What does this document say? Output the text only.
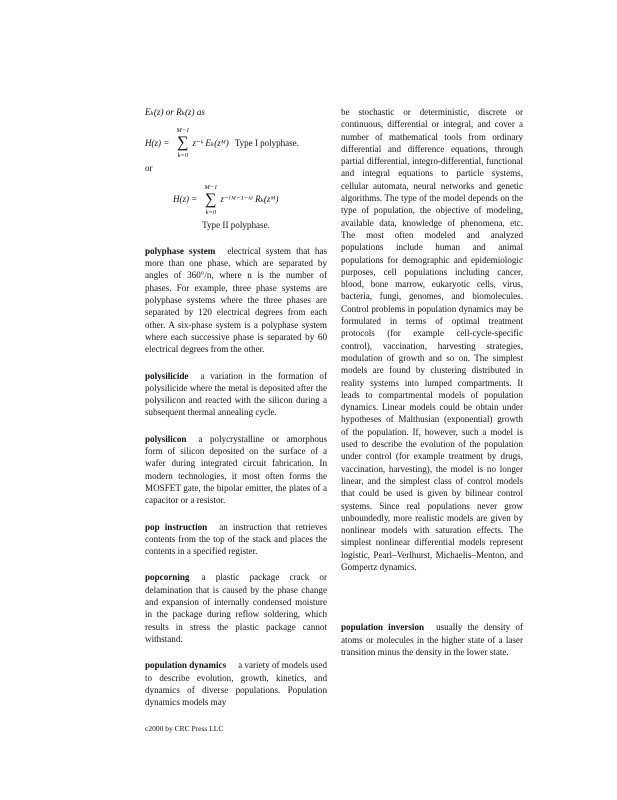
Eₖ(z) or Rₖ(z) as

H(z) =
M−1
∑
k=0
z⁻ᵏ Eₖ(zᴹ) Type I polyphase.

or

H(z) =
M−1
∑
k=0
z⁻⁽ᴹ⁻¹⁻ᵏ⁾ Rₖ(zᴹ)

Type II polyphase.

polyphase system electrical system that has more than one phase, which are separated by angles of 360°/n, where n is the number of phases. For example, three phase systems are polyphase systems where the three phases are separated by 120 electrical degrees from each other. A six-phase system is a polyphase system where each successive phase is separated by 60 electrical degrees from the other.

polysilicide a variation in the formation of polysilicide where the metal is deposited after the polysilicon and reacted with the silicon during a subsequent thermal annealing cycle.

polysilicon a polycrystalline or amorphous form of silicon deposited on the surface of a wafer during integrated circuit fabrication. In modern technologies, it most often forms the MOSFET gate, the bipolar emitter, the plates of a capacitor or a resistor.

pop instruction an instruction that retrieves contents from the top of the stack and places the contents in a specified register.

popcorning a plastic package crack or delamination that is caused by the phase change and expansion of internally condensed moisture in the package during reflow soldering, which results in stress the plastic package cannot withstand.

population dynamics a variety of models used to describe evolution, growth, kinetics, and dynamics of diverse populations. Population dynamics models may

be stochastic or deterministic, discrete or continuous, differential or integral, and cover a number of mathematical tools from ordinary differential and difference equations, through partial differential, integro-differential, functional and integral equations to particle systems, cellular automata, neural networks and genetic algorithms. The type of the model depends on the type of population, the objective of modeling, available data, knowledge of phenomena, etc. The most often modeled and analyzed populations include human and animal populations for demographic and epidemiologic purposes, cell populations including cancer, blood, bone marrow, eukaryotic cells, virus, bacteria, fungi, genomes, and biomolecules. Control problems in population dynamics may be formulated in terms of optimal treatment protocols (for example cell-cycle-specific control), vaccination, harvesting strategies, modulation of growth and so on. The simplest models are found by clustering distributed in reality systems into lumped compartments. It leads to compartmental models of population dynamics. Linear models could be obtain under hypotheses of Malthusian (exponential) growth of the population. If, however, such a model is used to describe the evolution of the population under control (for example treatment by drugs, vaccination, harvesting), the model is no longer linear, and the simplest class of control models that could be used is given by bilinear control systems. Since real populations never grow unboundedly, more realistic models are given by nonlinear models with saturation effects. The simplest nonlinear differential models represent logistic, Pearl–Verlhurst, Michaelis–Menton, and Gompertz dynamics.

population inversion usually the density of atoms or molecules in the higher state of a laser transition minus the density in the lower state.

c2000 by CRC Press LLC
